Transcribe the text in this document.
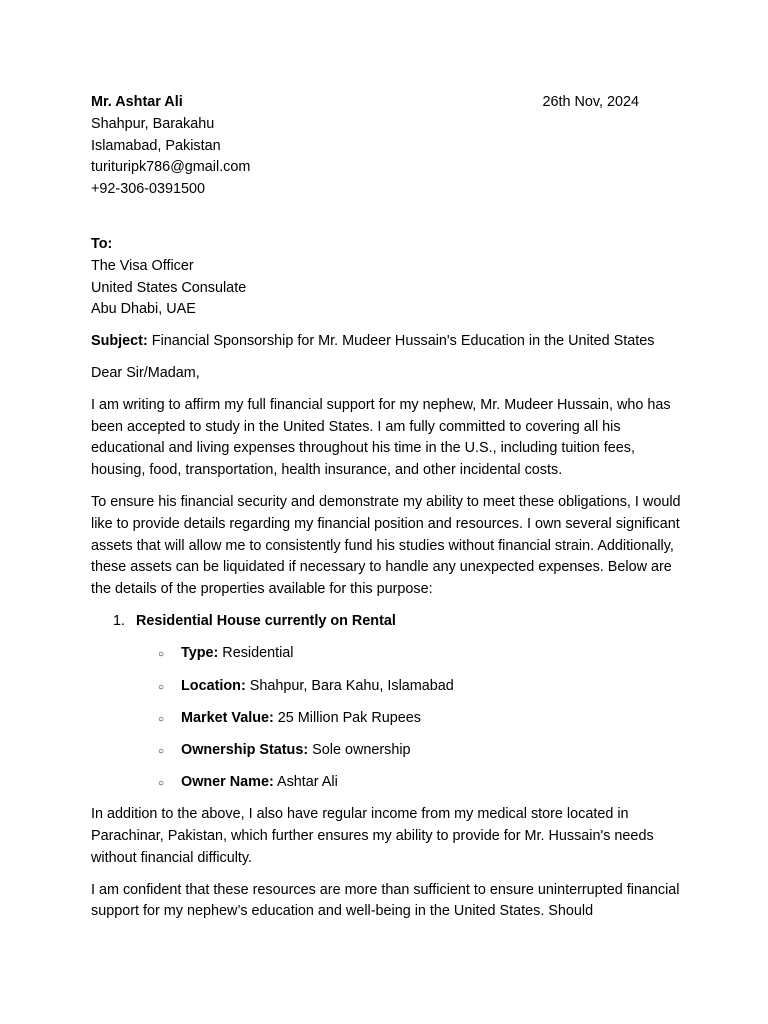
Mr. Ashtar Ali
Shahpur, Barakahu
Islamabad, Pakistan
turituripk786@gmail.com
+92-306-0391500
26th Nov, 2024
To:
The Visa Officer
United States Consulate
Abu Dhabi, UAE

Subject: Financial Sponsorship for Mr. Mudeer Hussain's Education in the United States

Dear Sir/Madam,

I am writing to affirm my full financial support for my nephew, Mr. Mudeer Hussain, who has been accepted to study in the United States. I am fully committed to covering all his educational and living expenses throughout his time in the U.S., including tuition fees, housing, food, transportation, health insurance, and other incidental costs.

To ensure his financial security and demonstrate my ability to meet these obligations, I would like to provide details regarding my financial position and resources. I own several significant assets that will allow me to consistently fund his studies without financial strain. Additionally, these assets can be liquidated if necessary to handle any unexpected expenses. Below are the details of the properties available for this purpose:

1. Residential House currently on Rental
○ Type: Residential
○ Location: Shahpur, Bara Kahu, Islamabad
○ Market Value: 25 Million Pak Rupees
○ Ownership Status: Sole ownership
○ Owner Name: Ashtar Ali

In addition to the above, I also have regular income from my medical store located in Parachinar, Pakistan, which further ensures my ability to provide for Mr. Hussain's needs without financial difficulty.

I am confident that these resources are more than sufficient to ensure uninterrupted financial support for my nephew’s education and well-being in the United States. Should
